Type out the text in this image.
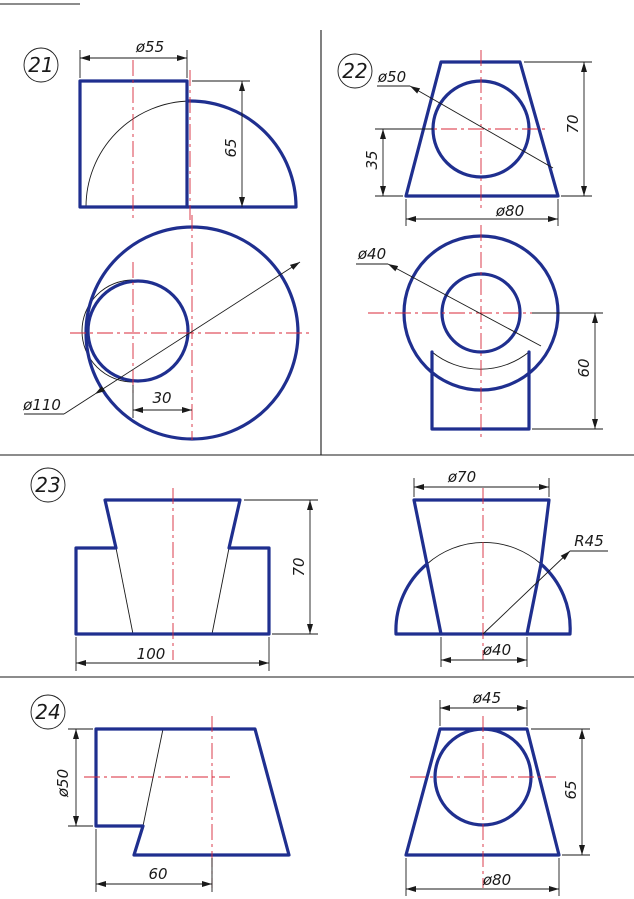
21
ø55
65
ø110	30
22 ø50
70
35
ø80
ø40
60
23
70
100
ø70
R45
ø40
24
ø50
60
ø45
65
ø80
